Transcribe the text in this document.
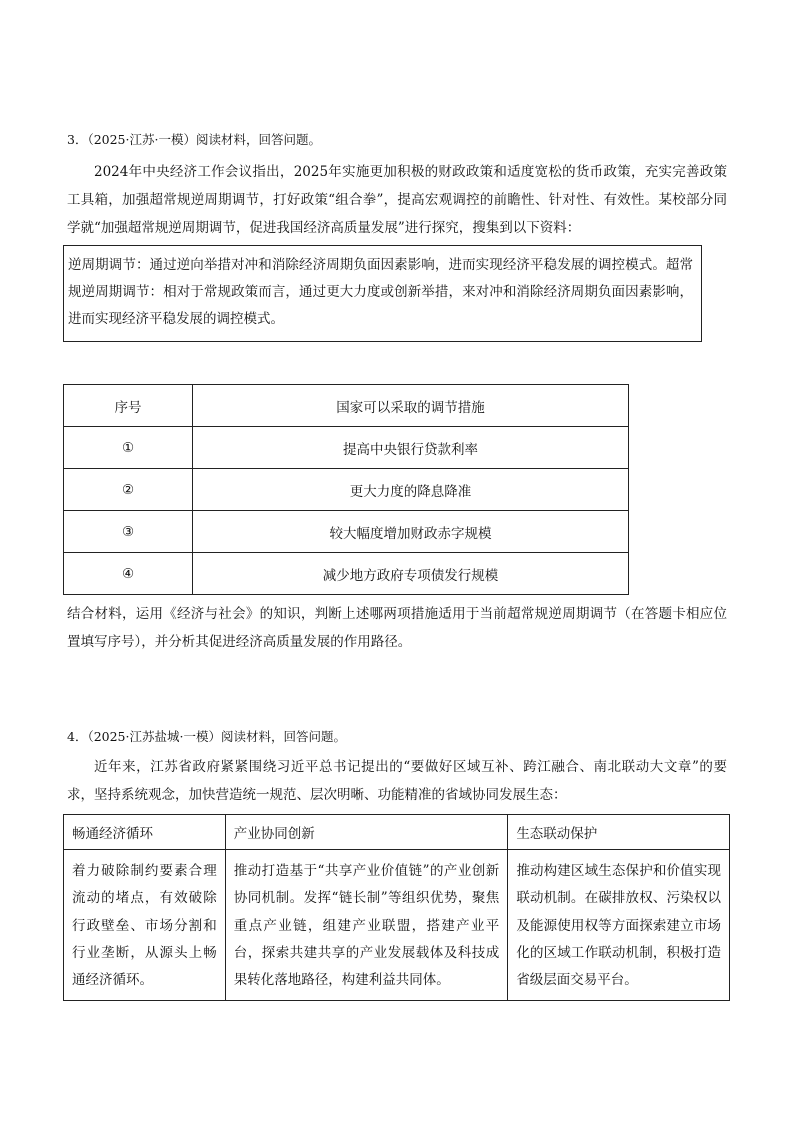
3．（2025·江苏·一模）阅读材料，回答问题。
2024年中央经济工作会议指出，2025年实施更加积极的财政政策和适度宽松的货币政策，充实完善政策工具箱，加强超常规逆周期调节，打好政策“组合拳”，提高宏观调控的前瞻性、针对性、有效性。某校部分同学就“加强超常规逆周期调节，促进我国经济高质量发展”进行探究，搜集到以下资料：
逆周期调节：通过逆向举措对冲和消除经济周期负面因素影响，进而实现经济平稳发展的调控模式。超常规逆周期调节：相对于常规政策而言，通过更大力度或创新举措，来对冲和消除经济周期负面因素影响，进而实现经济平稳发展的调控模式。
序号	国家可以采取的调节措施
①	提高中央银行贷款利率
②	更大力度的降息降准
③	较大幅度增加财政赤字规模
④	减少地方政府专项债发行规模
结合材料，运用《经济与社会》的知识，判断上述哪两项措施适用于当前超常规逆周期调节（在答题卡相应位置填写序号），并分析其促进经济高质量发展的作用路径。
4．（2025·江苏盐城·一模）阅读材料，回答问题。
近年来，江苏省政府紧紧围绕习近平总书记提出的“要做好区域互补、跨江融合、南北联动大文章”的要求，坚持系统观念，加快营造统一规范、层次明晰、功能精准的省域协同发展生态：
畅通经济循环	产业协同创新	生态联动保护
着力破除制约要素合理流动的堵点，有效破除行政壁垒、市场分割和行业垄断，从源头上畅通经济循环。	推动打造基于“共享产业价值链”的产业创新协同机制。发挥“链长制”等组织优势，聚焦重点产业链，组建产业联盟，搭建产业平台，探索共建共享的产业发展载体及科技成果转化落地路径，构建利益共同体。	推动构建区域生态保护和价值实现联动机制。在碳排放权、污染权以及能源使用权等方面探索建立市场化的区域工作联动机制，积极打造省级层面交易平台。
